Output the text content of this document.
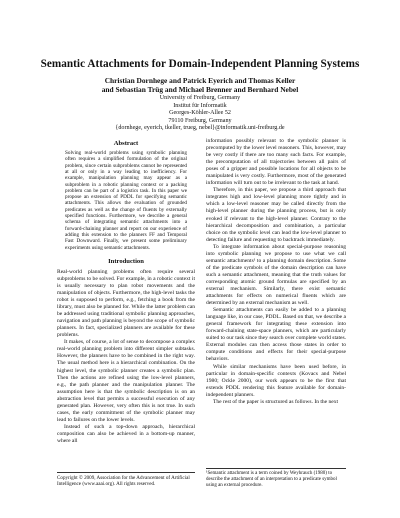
Semantic Attachments for Domain-Independent Planning Systems
Christian Dornhege and Patrick Eyerich and Thomas Keller
and Sebastian Trüg and Michael Brenner and Bernhard Nebel
University of Freiburg, Germany
Institut für Informatik
Georges-Köhler-Allee 52
79110 Freiburg, Germany
{dornhege, eyerich, tkeller, trueg, nebel}@informatik.uni-freiburg.de
Abstract
Solving real-world problems using symbolic planning often requires a simplified formulation of the original problem, since certain subproblems cannot be represented at all or only in a way leading to inefficiency. For example, manipulation planning may appear as a subproblem in a robotic planning context or a packing problem can be part of a logistics task. In this paper we propose an extension of PDDL for specifying semantic attachments. This allows the evaluation of grounded predicates as well as the change of fluents by externally specified functions. Furthermore, we describe a general schema of integrating semantic attachments into a forward-chaining planner and report on our experience of adding this extension to the planners FF and Temporal Fast Downward. Finally, we present some preliminary experiments using semantic attachments.
Introduction

Real-world planning problems often require several subproblems to be solved. For example, in a robotic context it is usually necessary to plan robot movements and the manipulation of objects. Furthermore, the high-level tasks the robot is supposed to perform, e.g., fetching a book from the library, must also be planned for. While the latter problem can be addressed using traditional symbolic planning approaches, navigation and path planning is beyond the scope of symbolic planners. In fact, specialized planners are available for these problems.

It makes, of course, a lot of sense to decompose a complex real-world planning problem into different simpler subtasks. However, the planners have to be combined in the right way. The usual method here is a hierarchical combination. On the highest level, the symbolic planner creates a symbolic plan. Then the actions are refined using the low-level planners, e.g., the path planner and the manipulation planner. The assumption here is that the symbolic description is on an abstraction level that permits a successful execution of any generated plan. However, very often this is not true. In such cases, the early commitment of the symbolic planner may lead to failures on the lower levels.

Instead of such a top-down approach, hierarchical composition can also be achieved in a bottom-up manner, where all

Copyright © 2009, Association for the Advancement of Artificial Intelligence (www.aaai.org). All rights reserved.

information possibly relevant to the symbolic planner is precomputed by the lower level reasoners. This, however, may be very costly if there are too many such facts. For example, the precomputation of all trajectories between all pairs of poses of a gripper and possible locations for all objects to be manipulated is very costly. Furthermore, most of the generated information will turn out to be irrelevant to the task at hand.

Therefore, in this paper, we propose a third approach that integrates high and low-level planning more tightly and in which a low-level reasoner may be called directly from the high-level planner during the planning process, but is only evoked if relevant to the high-level planner. Contrary to the hierarchical decomposition and combination, a particular choice on the symbolic level can lead the low-level planner to detecting failure and requesting to backtrack immediately.

To integrate information about special-purpose reasoning into symbolic planning we propose to use what we call semantic attachments¹ to a planning domain description. Some of the predicate symbols of the domain description can have such a semantic attachment, meaning that the truth values for corresponding atomic ground formulas are specified by an external mechanism. Similarly, there exist semantic attachments for effects on numerical fluents which are determined by an external mechanism as well.

Semantic attachments can easily be added to a planning language like, in our case, PDDL. Based on that, we describe a general framework for integrating these extension into forward-chaining state-space planners, which are particularly suited to our task since they search over complete world states. External modules can then access those states in order to compute conditions and effects for their special-purpose behaviors.

While similar mechanisms have been used before, in particular in domain-specific contexts (Kovacs and Nebel 1980; Ockle 2000), our work appears to be the first that extends PDDL rendering this feature available for domain-independent planners.

The rest of the paper is structured as follows. In the next

¹Semantic attachment is a term coined by Weyhrauch (1980) to describe the attachment of an interpretation to a predicate symbol using an external procedure.
